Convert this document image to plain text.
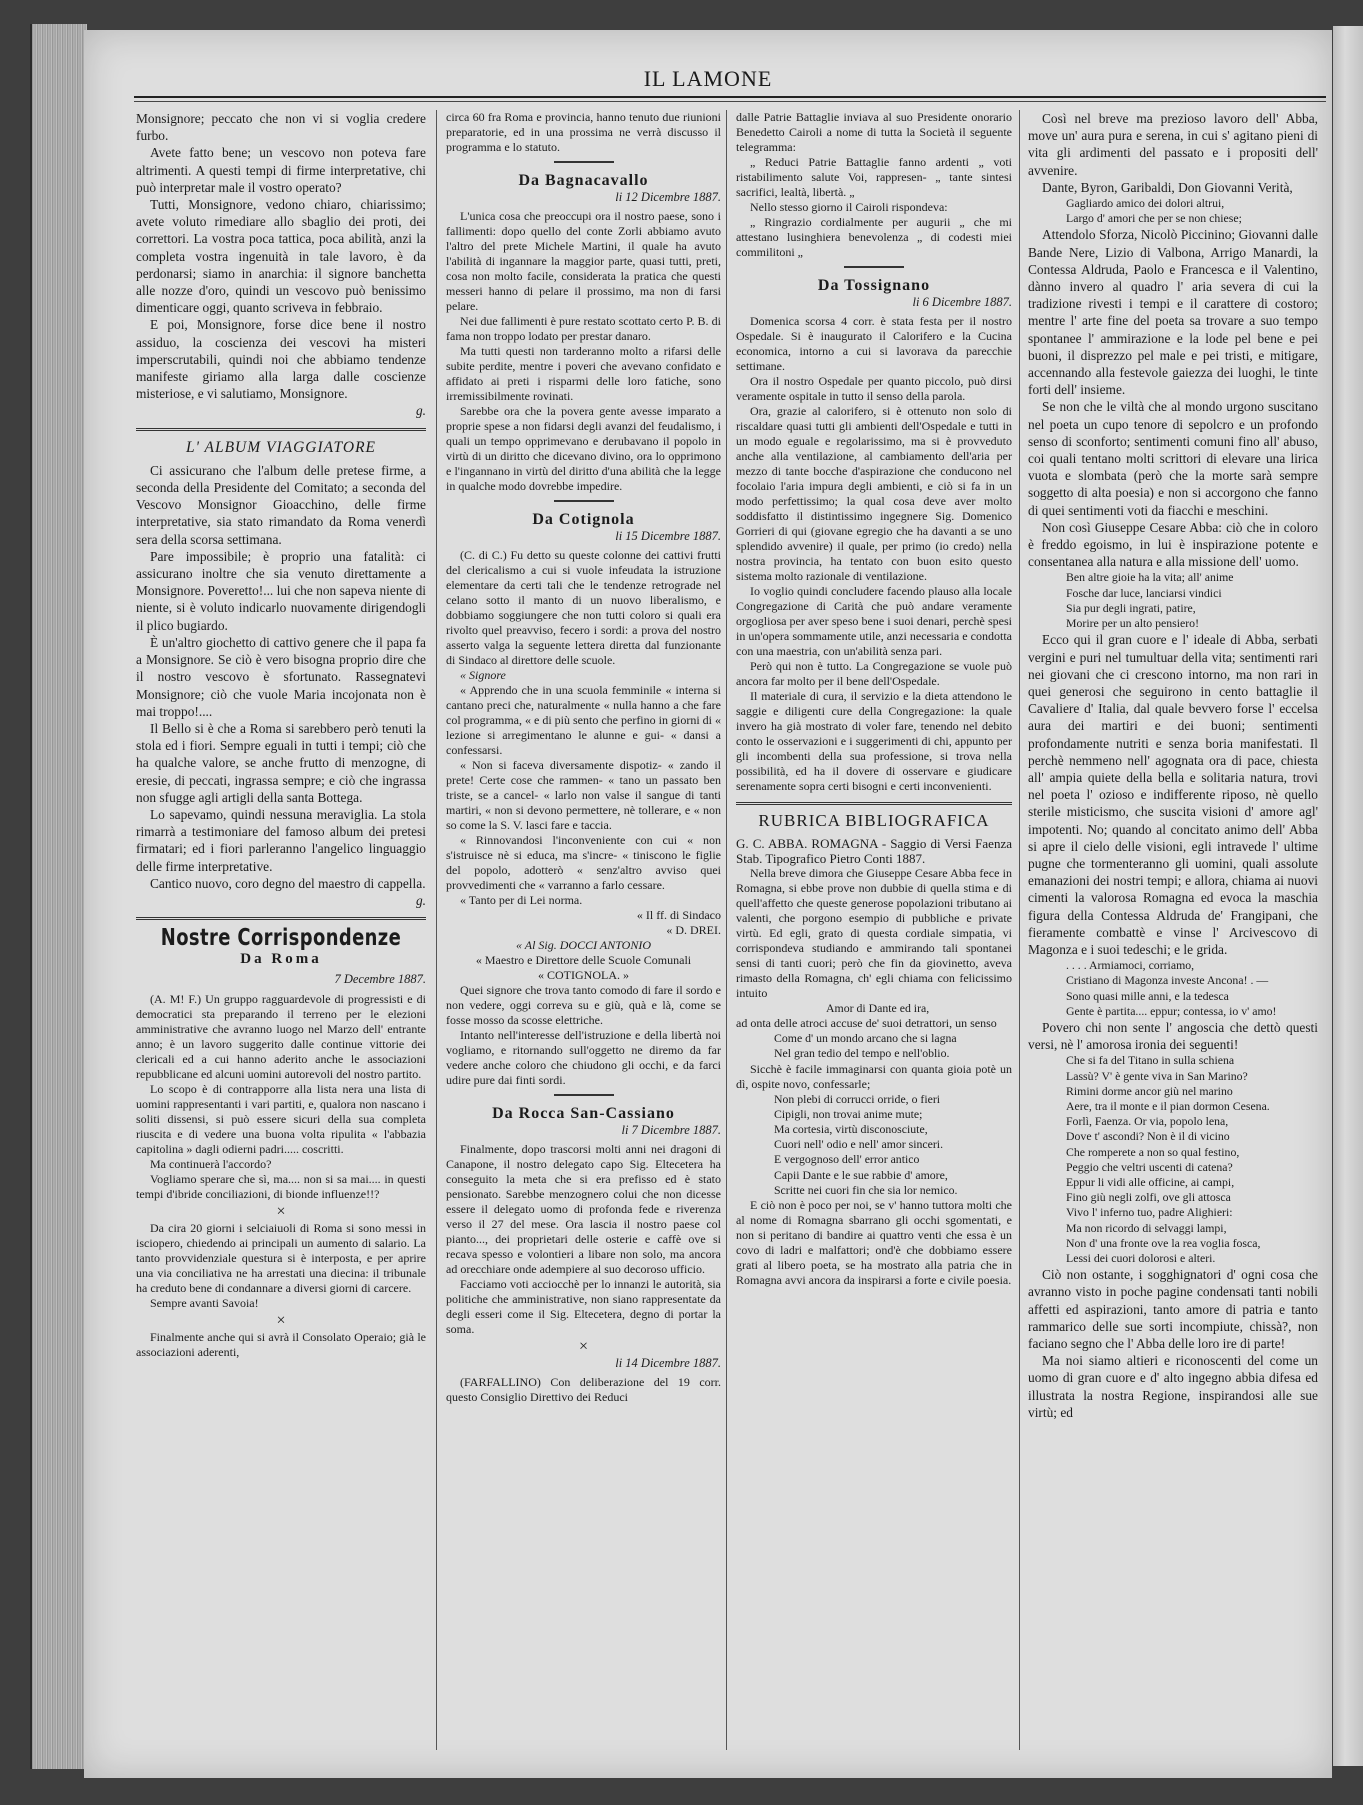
IL LAMONE

Monsignore; peccato che non vi si voglia credere furbo.

Avete fatto bene; un vescovo non poteva fare altrimenti. A questi tempi di firme interpretative, chi può interpretar male il vostro operato?

Tutti, Monsignore, vedono chiaro, chiarissimo; avete voluto rimediare allo sbaglio dei proti, dei correttori. La vostra poca tattica, poca abilità, anzi la completa vostra ingenuità in tale lavoro, è da perdonarsi; siamo in anarchia: il signore banchetta alle nozze d'oro, quindi un vescovo può benissimo dimenticare oggi, quanto scriveva in febbraio.

E poi, Monsignore, forse dice bene il nostro assiduo, la coscienza dei vescovi ha misteri imperscrutabili, quindi noi che abbiamo tendenze manifeste giriamo alla larga dalle coscienze misteriose, e vi salutiamo, Monsignore.

g.
L' ALBUM VIAGGIATORE

Ci assicurano che l'album delle pretese firme, a seconda della Presidente del Comitato; a seconda del Vescovo Monsignor Gioacchino, delle firme interpretative, sia stato rimandato da Roma venerdì sera della scorsa settimana.

Pare impossibile; è proprio una fatalità: ci assicurano inoltre che sia venuto direttamente a Monsignore. Poveretto!... lui che non sapeva niente di niente, si è voluto indicarlo nuovamente dirigendogli il plico bugiardo.

È un'altro giochetto di cattivo genere che il papa fa a Monsignore. Se ciò è vero bisogna proprio dire che il nostro vescovo è sfortunato. Rassegnatevi Monsignore; ciò che vuole Maria incojonata non è mai troppo!....

Il Bello si è che a Roma si sarebbero però tenuti la stola ed i fiori. Sempre eguali in tutti i tempi; ciò che ha qualche valore, se anche frutto di menzogne, di eresie, di peccati, ingrassa sempre; e ciò che ingrassa non sfugge agli artigli della santa Bottega.

Lo sapevamo, quindi nessuna meraviglia. La stola rimarrà a testimoniare del famoso album dei pretesi firmatari; ed i fiori parleranno l'angelico linguaggio delle firme interpretative.

Cantico nuovo, coro degno del maestro di cappella.

g.
Nostre Corrispondenze
Da Roma
7 Decembre 1887.

(A. M! F.) Un gruppo ragguardevole di progressisti e di democratici sta preparando il terreno per le elezioni amministrative che avranno luogo nel Marzo dell' entrante anno; è un lavoro suggerito dalle continue vittorie dei clericali ed a cui hanno aderito anche le associazioni repubblicane ed alcuni uomini autorevoli del nostro partito.

Lo scopo è di contrapporre alla lista nera una lista di uomini rappresentanti i vari partiti, e, qualora non nascano i soliti dissensi, si può essere sicuri della sua completa riuscita e di vedere una buona volta ripulita « l'abbazia capitolina » dagli odierni padri..... coscritti.

Ma continuerà l'accordo?

Vogliamo sperare che sì, ma.... non si sa mai.... in questi tempi d'ibride conciliazioni, di bionde influenze!!?

×

Da cira 20 giorni i selciaiuoli di Roma si sono messi in isciopero, chiedendo ai principali un aumento di salario. La tanto provvidenziale questura si è interposta, e per aprire una via conciliativa ne ha arrestati una diecina: il tribunale ha creduto bene di condannare a diversi giorni di carcere.

Sempre avanti Savoia!

×

Finalmente anche qui si avrà il Consolato Operaio; già le associazioni aderenti,

circa 60 fra Roma e provincia, hanno tenuto due riunioni preparatorie, ed in una prossima ne verrà discusso il programma e lo statuto.

Da Bagnacavallo
li 12 Dicembre 1887.

L'unica cosa che preoccupi ora il nostro paese, sono i fallimenti: dopo quello del conte Zorli abbiamo avuto l'altro del prete Michele Martini, il quale ha avuto l'abilità di ingannare la maggior parte, quasi tutti, preti, cosa non molto facile, considerata la pratica che questi messeri hanno di pelare il prossimo, ma non di farsi pelare.

Nei due fallimenti è pure restato scottato certo P. B. di fama non troppo lodato per prestar danaro.

Ma tutti questi non tarderanno molto a rifarsi delle subite perdite, mentre i poveri che avevano confidato e affidato ai preti i risparmi delle loro fatiche, sono irremissibilmente rovinati.

Sarebbe ora che la povera gente avesse imparato a proprie spese a non fidarsi degli avanzi del feudalismo, i quali un tempo opprimevano e derubavano il popolo in virtù di un diritto che dicevano divino, ora lo opprimono e l'ingannano in virtù del diritto d'una abilità che la legge in qualche modo dovrebbe impedire.

Da Cotignola
li 15 Dicembre 1887.

(C. di C.) Fu detto su queste colonne dei cattivi frutti del clericalismo a cui si vuole infeudata la istruzione elementare da certi tali che le tendenze retrograde nel celano sotto il manto di un nuovo liberalismo, e dobbiamo soggiungere che non tutti coloro si quali era rivolto quel preavviso, fecero i sordi: a prova del nostro asserto valga la seguente lettera diretta dal funzionante di Sindaco al direttore delle scuole.

« Signore

« Apprendo che in una scuola femminile « interna si cantano preci che, naturalmente « nulla hanno a che fare col programma, « e di più sento che perfino in giorni di « lezione si arregimentano le alunne e gui- « dansi a confessarsi.

« Non si faceva diversamente dispotiz- « zando il prete! Certe cose che rammen- « tano un passato ben triste, se a cancel- « larlo non valse il sangue di tanti martiri, « non si devono permettere, nè tollerare, e « non so come la S. V. lasci fare e taccia.

« Rinnovandosi l'inconveniente con cui « non s'istruisce nè si educa, ma s'incre- « tiniscono le figlie del popolo, adotterò « senz'altro avviso quei provvedimenti che « varranno a farlo cessare.

« Tanto per di Lei norma.

« Il ff. di Sindaco
« D. DREI.
« Al Sig. DOCCI ANTONIO
« Maestro e Direttore delle Scuole Comunali
« COTIGNOLA. »

Quei signore che trova tanto comodo di fare il sordo e non vedere, oggi correva su e giù, quà e là, come se fosse mosso da scosse elettriche.

Intanto nell'interesse dell'istruzione e della libertà noi vogliamo, e ritornando sull'oggetto ne diremo da far vedere anche coloro che chiudono gli occhi, e da farci udire pure dai finti sordi.

Da Rocca San-Cassiano
li 7 Dicembre 1887.

Finalmente, dopo trascorsi molti anni nei dragoni di Canapone, il nostro delegato capo Sig. Eltecetera ha conseguito la meta che si era prefisso ed è stato pensionato. Sarebbe menzognero colui che non dicesse essere il delegato uomo di profonda fede e riverenza verso il 27 del mese. Ora lascia il nostro paese col pianto..., dei proprietari delle osterie e caffè ove si recava spesso e volontieri a libare non solo, ma ancora ad orecchiare onde adempiere al suo decoroso ufficio.

Facciamo voti acciocchè per lo innanzi le autorità, sia politiche che amministrative, non siano rappresentate da degli esseri come il Sig. Eltecetera, degno di portar la soma.

×
li 14 Dicembre 1887.

(FARFALLINO) Con deliberazione del 19 corr. questo Consiglio Direttivo dei Reduci

dalle Patrie Battaglie inviava al suo Presidente onorario Benedetto Cairoli a nome di tutta la Società il seguente telegramma:

„ Reduci Patrie Battaglie fanno ardenti „ voti ristabilimento salute Voi, rappresen- „ tante sintesi sacrifici, lealtà, libertà. „

Nello stesso giorno il Cairoli rispondeva:

„ Ringrazio cordialmente per augurii „ che mi attestano lusinghiera benevolenza „ di codesti miei commilitoni „

Da Tossignano
li 6 Dicembre 1887.

Domenica scorsa 4 corr. è stata festa per il nostro Ospedale. Si è inaugurato il Calorifero e la Cucina economica, intorno a cui si lavorava da parecchie settimane.

Ora il nostro Ospedale per quanto piccolo, può dirsi veramente ospitale in tutto il senso della parola.

Ora, grazie al calorifero, si è ottenuto non solo di riscaldare quasi tutti gli ambienti dell'Ospedale e tutti in un modo eguale e regolarissimo, ma si è provveduto anche alla ventilazione, al cambiamento dell'aria per mezzo di tante bocche d'aspirazione che conducono nel focolaio l'aria impura degli ambienti, e ciò si fa in un modo perfettissimo; la qual cosa deve aver molto soddisfatto il distintissimo ingegnere Sig. Domenico Gorrieri di qui (giovane egregio che ha davanti a se uno splendido avvenire) il quale, per primo (io credo) nella nostra provincia, ha tentato con buon esito questo sistema molto razionale di ventilazione.

Io voglio quindi concludere facendo plauso alla locale Congregazione di Carità che può andare veramente orgogliosa per aver speso bene i suoi denari, perchè spesi in un'opera sommamente utile, anzi necessaria e condotta con una maestria, con un'abilità senza pari.

Però qui non è tutto. La Congregazione se vuole può ancora far molto per il bene dell'Ospedale.

Il materiale di cura, il servizio e la dieta attendono le saggie e diligenti cure della Congregazione: la quale invero ha già mostrato di voler fare, tenendo nel debito conto le osservazioni e i suggerimenti di chi, appunto per gli incombenti della sua professione, si trova nella possibilità, ed ha il dovere di osservare e giudicare serenamente sopra certi bisogni e certi inconvenienti.

RUBRICA BIBLIOGRAFICA

G. C. ABBA. ROMAGNA - Saggio di Versi Faenza Stab. Tipografico Pietro Conti 1887.

Nella breve dimora che Giuseppe Cesare Abba fece in Romagna, si ebbe prove non dubbie di quella stima e di quell'affetto che queste generose popolazioni tributano ai valenti, che porgono esempio di pubbliche e private virtù. Ed egli, grato di questa cordiale simpatia, vi corrispondeva studiando e ammirando tali spontanei sensi di tanti cuori; però che fin da giovinetto, aveva rimasto della Romagna, ch' egli chiama con felicissimo intuito

Amor di Dante ed ira,

ad onta delle atroci accuse de' suoi detrattori, un senso

Come d' un mondo arcano che si lagna
Nel gran tedio del tempo e nell'oblio.

Sicchè è facile immaginarsi con quanta gioia potè un dì, ospite novo, confessarle;

Non plebi di corrucci orride, o fieri
Cipigli, non trovai anime mute;
Ma cortesia, virtù disconosciute,
Cuori nell' odio e nell' amor sinceri.
E vergognoso dell' error antico
Capii Dante e le sue rabbie d' amore,
Scritte nei cuori fin che sia lor nemico.

E ciò non è poco per noi, se v' hanno tuttora molti che al nome di Romagna sbarrano gli occhi sgomentati, e non si peritano di bandire ai quattro venti che essa è un covo di ladri e malfattori; ond'è che dobbiamo essere grati al libero poeta, se ha mostrato alla patria che in Romagna avvi ancora da inspirarsi a forte e civile poesia.

Così nel breve ma prezioso lavoro dell' Abba, move un' aura pura e serena, in cui s' agitano pieni di vita gli ardimenti del passato e i propositi dell' avvenire.

Dante, Byron, Garibaldi, Don Giovanni Verità,

Gagliardo amico dei dolori altrui,
Largo d' amori che per se non chiese;

Attendolo Sforza, Nicolò Piccinino; Giovanni dalle Bande Nere, Lizio di Valbona, Arrigo Manardi, la Contessa Aldruda, Paolo e Francesca e il Valentino, dànno invero al quadro l' aria severa di cui la tradizione rivesti i tempi e il carattere di costoro; mentre l' arte fine del poeta sa trovare a suo tempo spontanee l' ammirazione e la lode pel bene e pei buoni, il disprezzo pel male e pei tristi, e mitigare, accennando alla festevole gaiezza dei luoghi, le tinte forti dell' insieme.

Se non che le viltà che al mondo urgono suscitano nel poeta un cupo tenore di sepolcro e un profondo senso di sconforto; sentimenti comuni fino all' abuso, coi quali tentano molti scrittori di elevare una lirica vuota e slombata (però che la morte sarà sempre soggetto di alta poesia) e non si accorgono che fanno di quei sentimenti voti da fiacchi e meschini.

Non così Giuseppe Cesare Abba: ciò che in coloro è freddo egoismo, in lui è inspirazione potente e consentanea alla natura e alla missione dell' uomo.

Ben altre gioie ha la vita; all' anime
Fosche dar luce, lanciarsi vindici
Sia pur degli ingrati, patire,
Morire per un alto pensiero!

Ecco qui il gran cuore e l' ideale di Abba, serbati vergini e puri nel tumultuar della vita; sentimenti rari nei giovani che ci crescono intorno, ma non rari in quei generosi che seguirono in cento battaglie il Cavaliere d' Italia, dal quale bevvero forse l' eccelsa aura dei martiri e dei buoni; sentimenti profondamente nutriti e senza boria manifestati. Il perchè nemmeno nell' agognata ora di pace, chiesta all' ampia quiete della bella e solitaria natura, trovi nel poeta l' ozioso e indifferente riposo, nè quello sterile misticismo, che suscita visioni d' amore agl' impotenti. No; quando al concitato animo dell' Abba si apre il cielo delle visioni, egli intravede l' ultime pugne che tormenteranno gli uomini, quali assolute emanazioni dei nostri tempi; e allora, chiama ai nuovi cimenti la valorosa Romagna ed evoca la maschia figura della Contessa Aldruda de' Frangipani, che fieramente combattè e vinse l' Arcivescovo di Magonza e i suoi tedeschi; e le grida.

. . . . Armiamoci, corriamo,
Cristiano di Magonza investe Ancona! . —
Sono quasi mille anni, e la tedesca
Gente è partita.... eppur; contessa, io v' amo!

Povero chi non sente l' angoscia che dettò questi versi, nè l' amorosa ironia dei seguenti!

Che si fa del Titano in sulla schiena
Lassù? V' è gente viva in San Marino?
Rimini dorme ancor giù nel marino
Aere, tra il monte e il pian dormon Cesena.
Forlì, Faenza. Or via, popolo lena,
Dove t' ascondi? Non è il di vicino
Che romperete a non so qual festino,
Peggio che veltri uscenti di catena?
Eppur li vidi alle officine, ai campi,
Fino giù negli zolfi, ove gli attosca
Vivo l' inferno tuo, padre Alighieri:
Ma non ricordo di selvaggi lampi,
Non d' una fronte ove la rea voglia fosca,
Lessi dei cuori dolorosi e alteri.

Ciò non ostante, i sogghignatori d' ogni cosa che avranno visto in poche pagine condensati tanti nobili affetti ed aspirazioni, tanto amore di patria e tanto rammarico delle sue sorti incompiute, chissà?, non faciano segno che l' Abba delle loro ire di parte!

Ma noi siamo altieri e riconoscenti del come un uomo di gran cuore e d' alto ingegno abbia difesa ed illustrata la nostra Regione, inspirandosi alle sue virtù; ed
